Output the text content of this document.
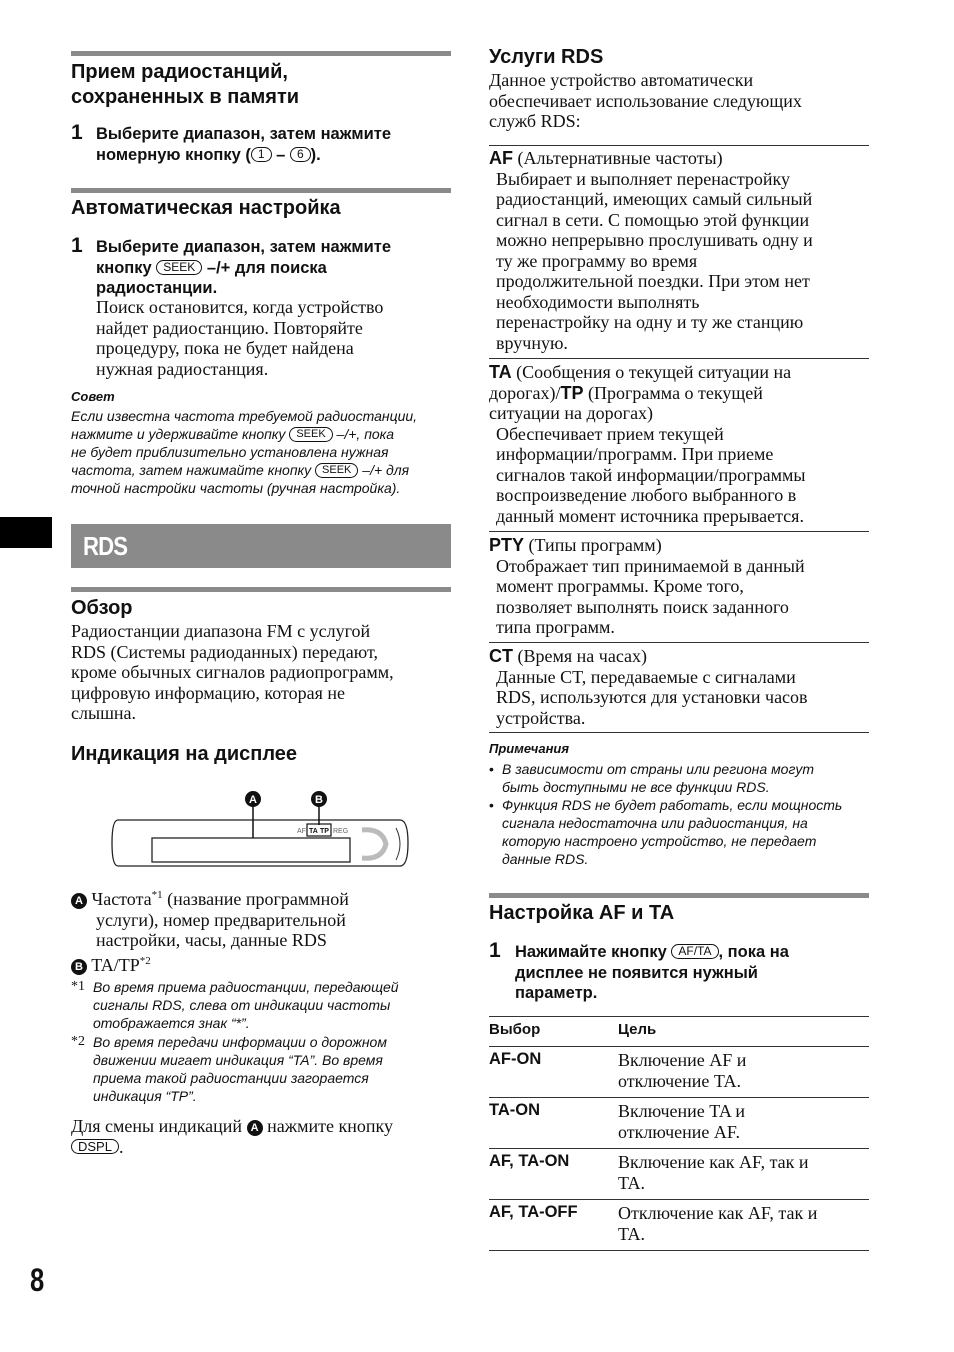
Прием радиостанций,
сохраненных в памяти
1 Выберите диапазон, затем нажмите
номерную кнопку ( 1 – 6 ).
Автоматическая настройка
1 Выберите диапазон, затем нажмите
кнопку SEEK –/+ для поиска
радиостанции.
Поиск остановится, когда устройство
найдет радиостанцию. Повторяйте
процедуру, пока не будет найдена
нужная радиостанция.
Совет
Если известна частота требуемой радиостанции,
нажмите и удерживайте кнопку SEEK –/+, пока
не будет приблизительно установлена нужная
частота, затем нажимайте кнопку SEEK –/+ для
точной настройки частоты (ручная настройка).
RDS
Обзор
Радиостанции диапазона FM с услугой
RDS (Системы радиоданных) передают,
кроме обычных сигналов радиопрограмм,
цифровую информацию, которая не
слышна.
Индикация на дисплее
A	B
AF TA TP REG
A Частота$^{*1}$ (название программной
услуги), номер предварительной
настройки, часы, данные RDS
B TA/TP$^{*2}$
*1 Во время приема радиостанции, передающей
сигналы RDS, слева от индикации частоты
отображается знак “*”.
*2 Во время передачи информации о дорожном
движении мигает индикация “TA”. Во время
приема такой радиостанции загорается
индикация “TP”.
Для смены индикаций A нажмите кнопку
DSPL .
8
Услуги RDS
Данное устройство автоматически
обеспечивает использование следующих
служб RDS:
AF (Альтернативные частоты)
Выбирает и выполняет перенастройку
радиостанций, имеющих самый сильный
сигнал в сети. С помощью этой функции
можно непрерывно прослушивать одну и
ту же программу во время
продолжительной поездки. При этом нет
необходимости выполнять
перенастройку на одну и ту же станцию
вручную.
TA (Сообщения о текущей ситуации на
дорогах)/TP (Программа о текущей
ситуации на дорогах)
Обеспечивает прием текущей
информации/программ. При приеме
сигналов такой информации/программы
воспроизведение любого выбранного в
данный момент источника прерывается.
PTY (Типы программ)
Отображает тип принимаемой в данный
момент программы. Кроме того,
позволяет выполнять поиск заданного
типа программ.
CT (Время на часах)
Данные CT, передаваемые с сигналами
RDS, используются для установки часов
устройства.
Примечания
• В зависимости от страны или региона могут
быть доступными не все функции RDS.
• Функция RDS не будет работать, если мощность
сигнала недостаточна или радиостанция, на
которую настроено устройство, не передает
данные RDS.
Настройка AF и TA
1 Нажимайте кнопку AF/TA , пока на
дисплее не появится нужный
параметр.
Выбор	Цель
AF-ON	Включение AF и
отключение TA.
TA-ON	Включение TA и
отключение AF.
AF, TA-ON	Включение как AF, так и
TA.
AF, TA-OFF Отключение как AF, так и
TA.
